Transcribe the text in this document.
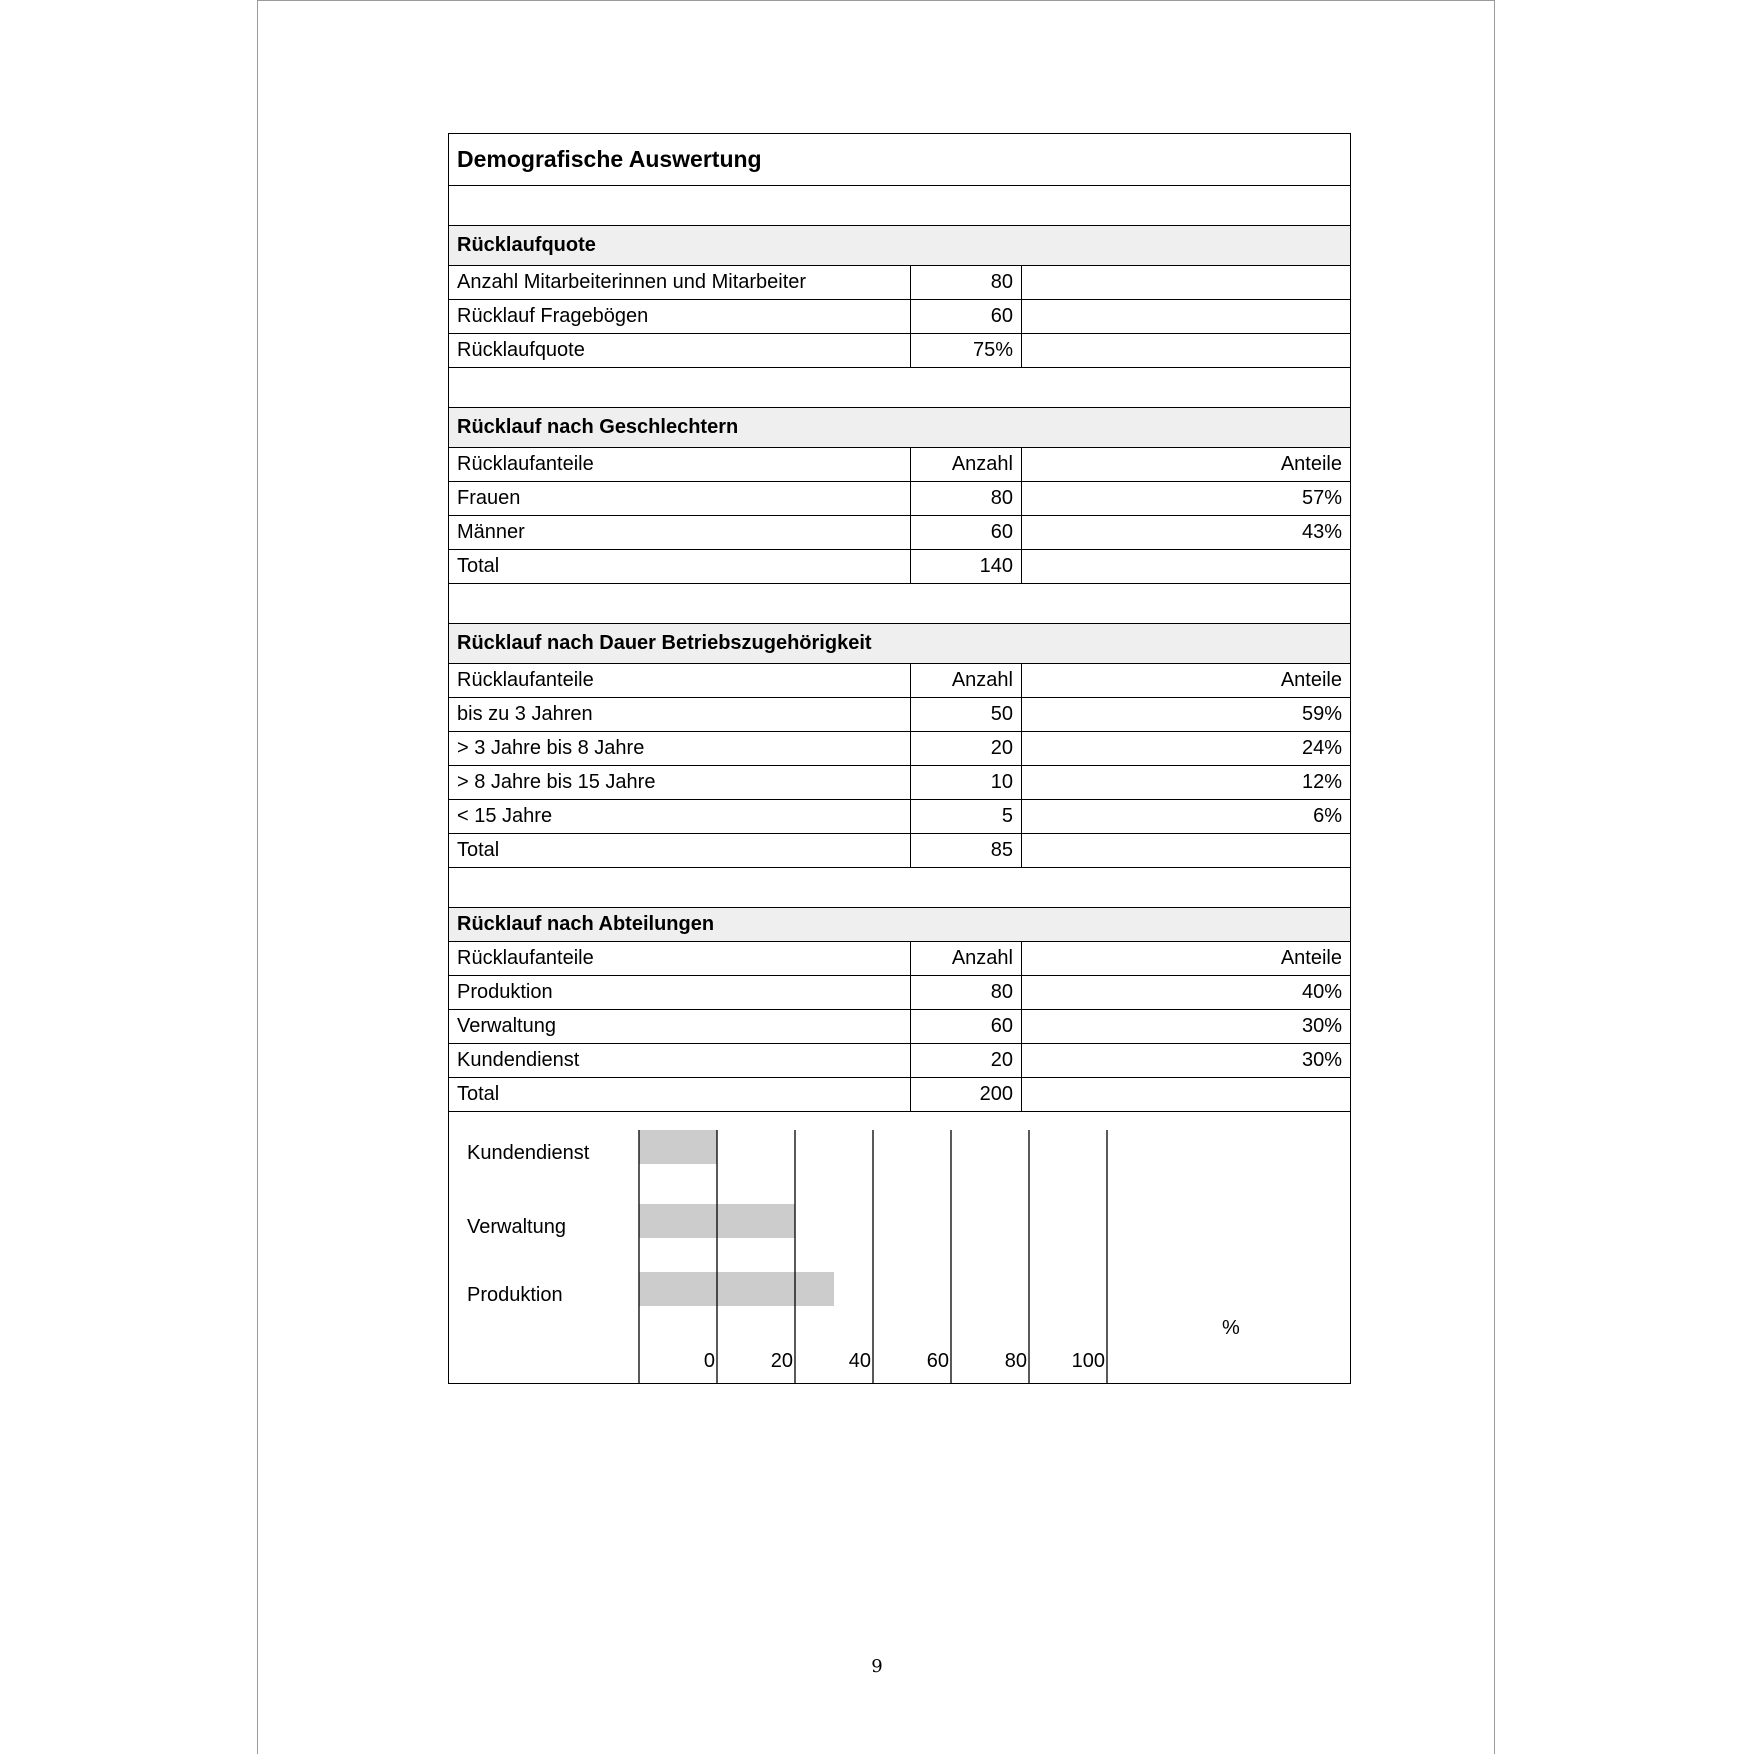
Demografische Auswertung
Rücklaufquote
Anzahl Mitarbeiterinnen und Mitarbeiter	80
Rücklauf Fragebögen	60
Rücklaufquote	75%
Rücklauf nach Geschlechtern
Rücklaufanteile	Anzahl	Anteile
Frauen	80	57%
Männer	60	43%
Total	140
Rücklauf nach Dauer Betriebszugehörigkeit
Rücklaufanteile	Anzahl	Anteile
bis zu 3 Jahren	50	59%
> 3 Jahre bis 8 Jahre	20	24%
> 8 Jahre bis 15 Jahre	10	12%
< 15 Jahre	5	6%
Total	85
Rücklauf nach Abteilungen
Rücklaufanteile	Anzahl	Anteile
Produktion	80	40%
Verwaltung	60	30%
Kundendienst	20	30%
Total	200
Kundendienst
Verwaltung
Produktion
0	20	40	60	80	100
%
9
